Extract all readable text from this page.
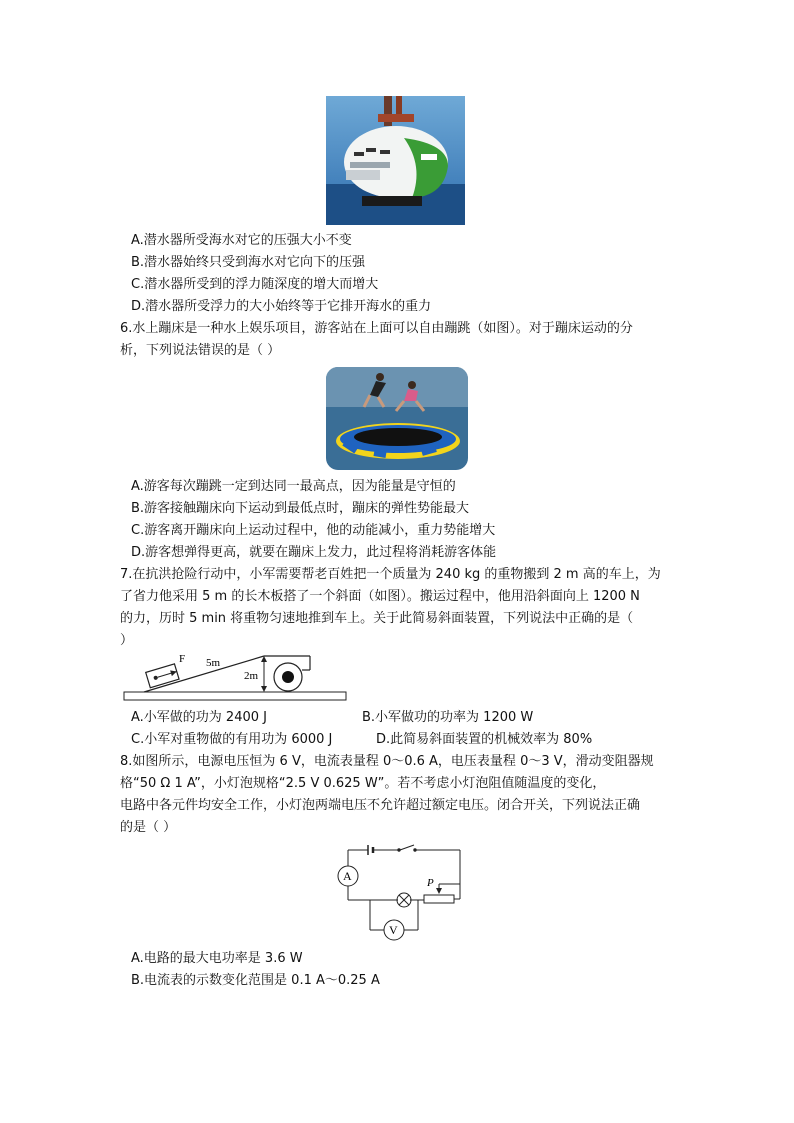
A.潜水器所受海水对它的压强大小不变
B.潜水器始终只受到海水对它向下的压强
C.潜水器所受到的浮力随深度的增大而增大
D.潜水器所受浮力的大小始终等于它排开海水的重力
6.水上蹦床是一种水上娱乐项目，游客站在上面可以自由蹦跳（如图）。对于蹦床运动的分
析，下列说法错误的是（ ）
A.游客每次蹦跳一定到达同一最高点，因为能量是守恒的
B.游客接触蹦床向下运动到最低点时，蹦床的弹性势能最大
C.游客离开蹦床向上运动过程中，他的动能减小，重力势能增大
D.游客想弹得更高，就要在蹦床上发力，此过程将消耗游客体能
7.在抗洪抢险行动中，小军需要帮老百姓把一个质量为 240 kg 的重物搬到 2 m 高的车上，为
了省力他采用 5 m 的长木板搭了一个斜面（如图）。搬运过程中，他用沿斜面向上 1200 N
的力，历时 5 min 将重物匀速地推到车上。关于此简易斜面装置，下列说法中正确的是（
）
F 5m
2m
A.小军做的功为 2400 J	B.小军做功的功率为 1200 W
C.小军对重物做的有用功为 6000 J	D.此简易斜面装置的机械效率为 80%
8.如图所示，电源电压恒为 6 V，电流表量程 0～0.6 A，电压表量程 0～3 V，滑动变阻器规
格“50 Ω 1 A”，小灯泡规格“2.5 V 0.625 W”。若不考虑小灯泡阻值随温度的变化，
电路中各元件均安全工作，小灯泡两端电压不允许超过额定电压。闭合开关，下列说法正确
的是（ ）
A
V
P
A.电路的最大电功率是 3.6 W
B.电流表的示数变化范围是 0.1 A～0.25 A
